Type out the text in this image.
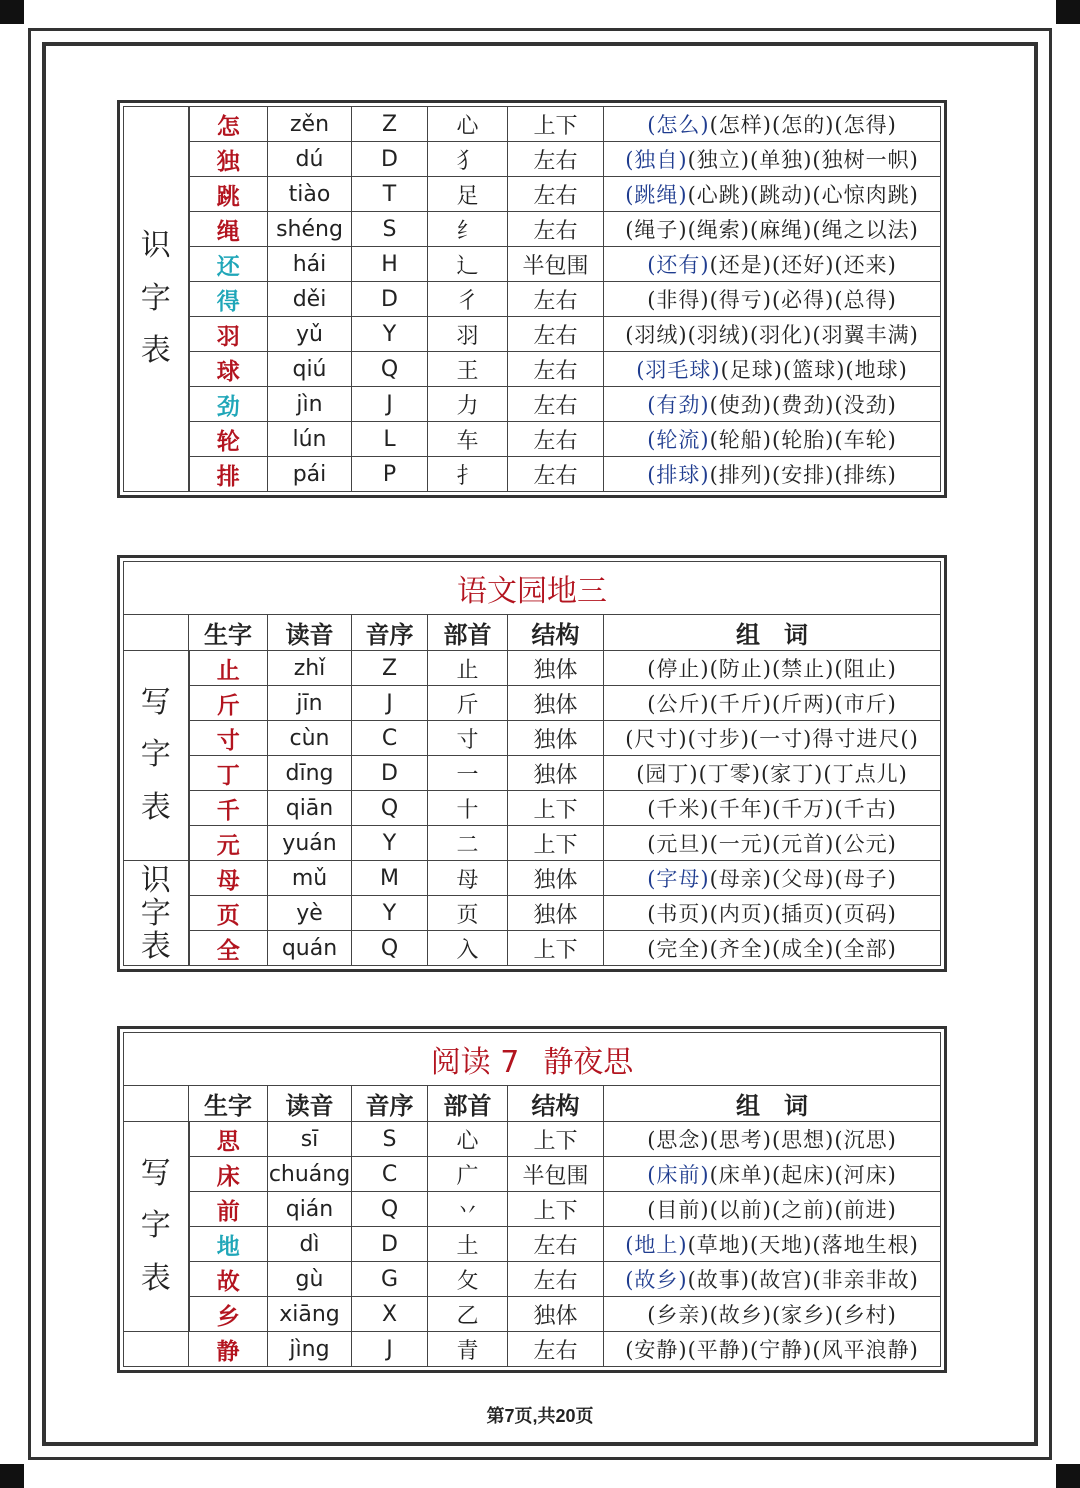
识字表	怎	zěn	Z	心	上下	(怎么)(怎样)(怎的)(怎得)
	独	dú	D	犭	左右	(独自)(独立)(单独)(独树一帜)
	跳	tiào	T	足	左右	(跳绳)(心跳)(跳动)(心惊肉跳)
	绳	shéng	S	纟	左右	(绳子)(绳索)(麻绳)(绳之以法)
	还	hái	H	辶	半包围	(还有)(还是)(还好)(还来)
	得	děi	D	彳	左右	(非得)(得亏)(必得)(总得)
	羽	yǔ	Y	羽	左右	(羽绒)(羽绒)(羽化)(羽翼丰满)
	球	qiú	Q	王	左右	(羽毛球)(足球)(篮球)(地球)
	劲	jìn	J	力	左右	(有劲)(使劲)(费劲)(没劲)
	轮	lún	L	车	左右	(轮流)(轮船)(轮胎)(车轮)
	排	pái	P	扌	左右	(排球)(排列)(安排)(排练)
语文园地三						
	生字	读音	音序	部首	结构	组　词
写字表	止	zhǐ	Z	止	独体	(停止)(防止)(禁止)(阻止)
	斤	jīn	J	斤	独体	(公斤)(千斤)(斤两)(市斤)
	寸	cùn	C	寸	独体	(尺寸)(寸步)(一寸)得寸进尺()
	丁	dīng	D	一	独体	(园丁)(丁零)(家丁)(丁点儿)
	千	qiān	Q	十	上下	(千米)(千年)(千万)(千古)
	元	yuán	Y	二	上下	(元旦)(一元)(元首)(公元)
识字表	母	mǔ	M	母	独体	(字母)(母亲)(父母)(母子)
	页	yè	Y	页	独体	(书页)(内页)(插页)(页码)
	全	quán	Q	入	上下	(完全)(齐全)(成全)(全部)
阅读 7 静夜思						
	生字	读音	音序	部首	结构	组　词
写字表	思	sī	S	心	上下	(思念)(思考)(思想)(沉思)
	床	chuáng	C	广	半包围	(床前)(床单)(起床)(河床)
	前	qián	Q	丷	上下	(目前)(以前)(之前)(前进)
	地	dì	D	土	左右	(地上)(草地)(天地)(落地生根)
	故	gù	G	攵	左右	(故乡)(故事)(故宫)(非亲非故)
	乡	xiāng	X	乙	独体	(乡亲)(故乡)(家乡)(乡村)
	静	jìng	J	青	左右	(安静)(平静)(宁静)(风平浪静)
第7页,共20页
